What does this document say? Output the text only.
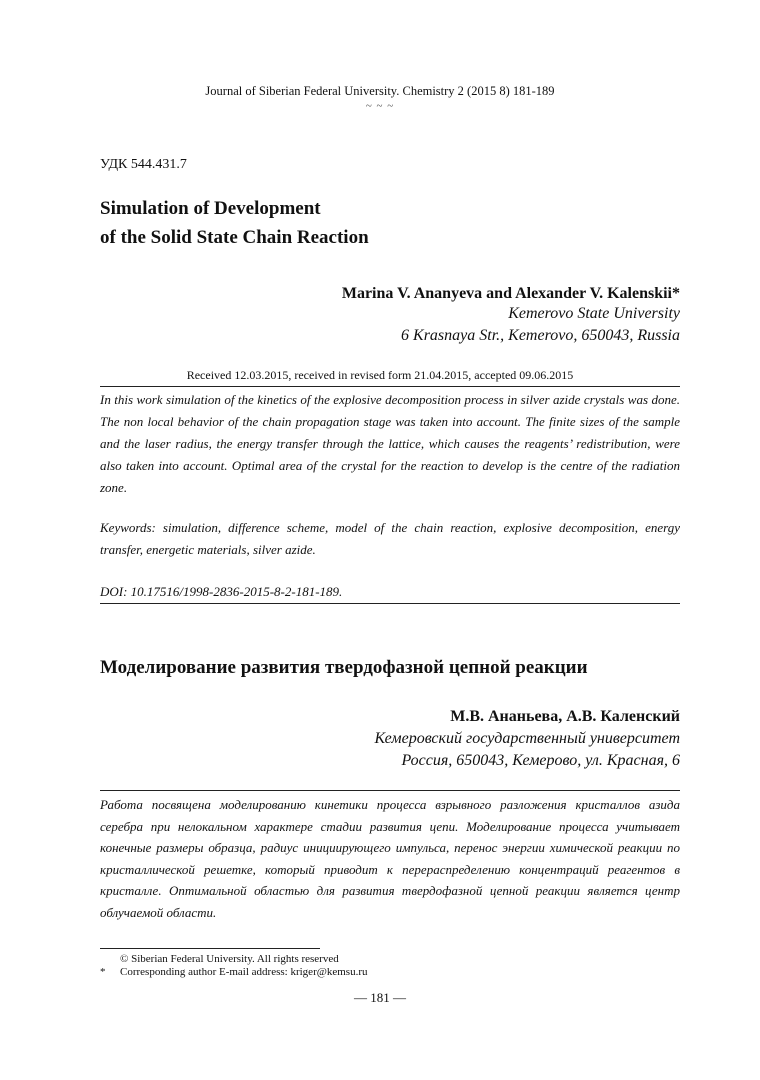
Journal of Siberian Federal University. Chemistry 2 (2015 8) 181-189
~ ~ ~
УДК 544.431.7
Simulation of Development
of the Solid State Chain Reaction
Marina V. Ananyeva and Alexander V. Kalenskii*
Kemerovo State University
6 Krasnaya Str., Kemerovo, 650043, Russia
Received 12.03.2015, received in revised form 21.04.2015, accepted 09.06.2015
In this work simulation of the kinetics of the explosive decomposition process in silver azide crystals was done. The non local behavior of the chain propagation stage was taken into account. The finite sizes of the sample and the laser radius, the energy transfer through the lattice, which causes the reagents’ redistribution, were also taken into account. Optimal area of the crystal for the reaction to develop is the centre of the radiation zone.
Keywords: simulation, difference scheme, model of the chain reaction, explosive decomposition, energy transfer, energetic materials, silver azide.
DOI: 10.17516/1998-2836-2015-8-2-181-189.
Моделирование развития твердофазной цепной реакции
М.В. Ананьева, А.В. Каленский
Кемеровский государственный университет
Россия, 650043, Кемерово, ул. Красная, 6
Работа посвящена моделированию кинетики процесса взрывного разложения кристаллов азида серебра при нелокальном характере стадии развития цепи. Моделирование процесса учитывает конечные размеры образца, радиус инициирующего импульса, перенос энергии химической реакции по кристаллической решетке, который приводит к перераспределению концентраций реагентов в кристалле. Оптимальной областью для развития твердофазной цепной реакции является центр облучаемой области.
© Siberian Federal University. All rights reserved
* Corresponding author E-mail address: kriger@kemsu.ru
— 181 —
